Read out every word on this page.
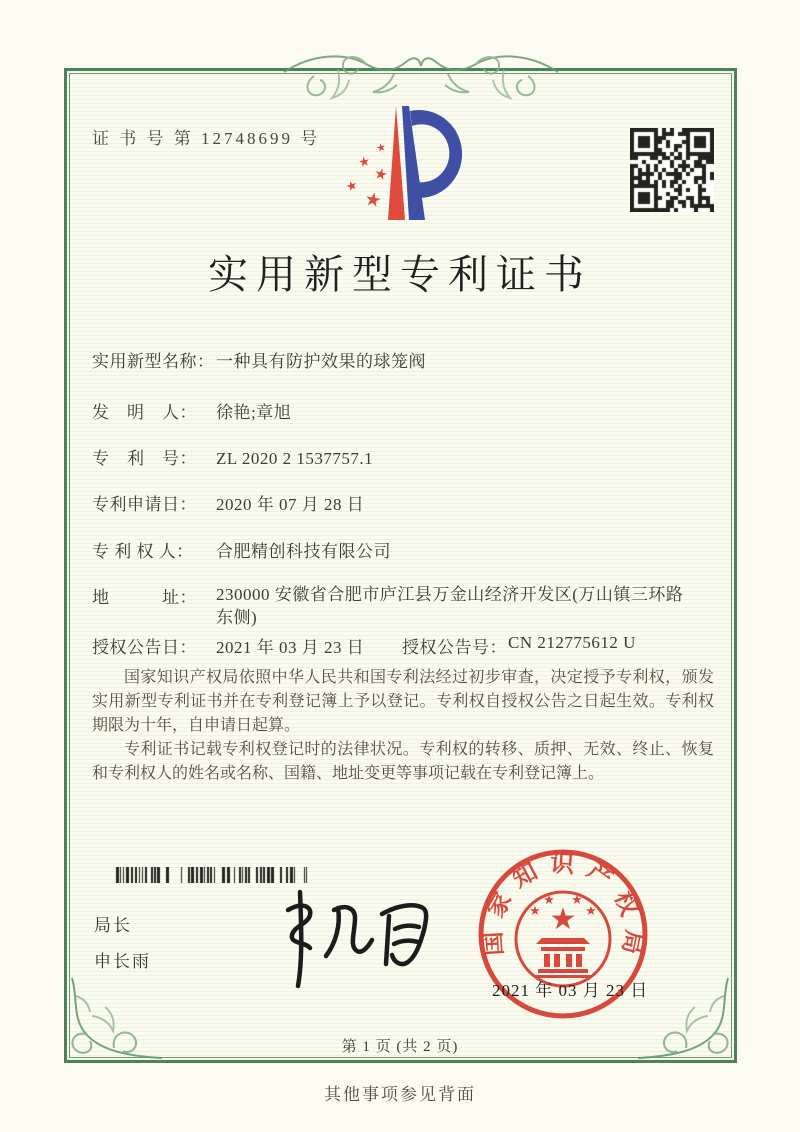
证 书 号 第 12748699 号	★
★
★
★
★
实用新型专利证书
实用新型名称：一种具有防护效果的球笼阀
发　明　人： 徐艳;章旭
专　利　号： ZL 2020 2 1537757.1
专利申请日： 2020 年 07 月 28 日
专 利 权 人： 合肥精创科技有限公司
地　　　址： 230000 安徽省合肥市庐江县万金山经济开发区(万山镇三环路东侧)
授权公告日： 2021 年 03 月 23 日 授权公告号： CN 212775612 U

国家知识产权局依照中华人民共和国专利法经过初步审查，决定授予专利权，颁发实用新型专利证书并在专利登记簿上予以登记。专利权自授权公告之日起生效。专利权期限为十年，自申请日起算。

专利证书记载专利权登记时的法律状况。专利权的转移、质押、无效、终止、恢复和专利权人的姓名或名称、国籍、地址变更等事项记载在专利登记簿上。

局长
申长雨
国家知识产权局
★
★
★ ★
★
2021 年 03 月 23 日
第 1 页 (共 2 页)
其他事项参见背面
